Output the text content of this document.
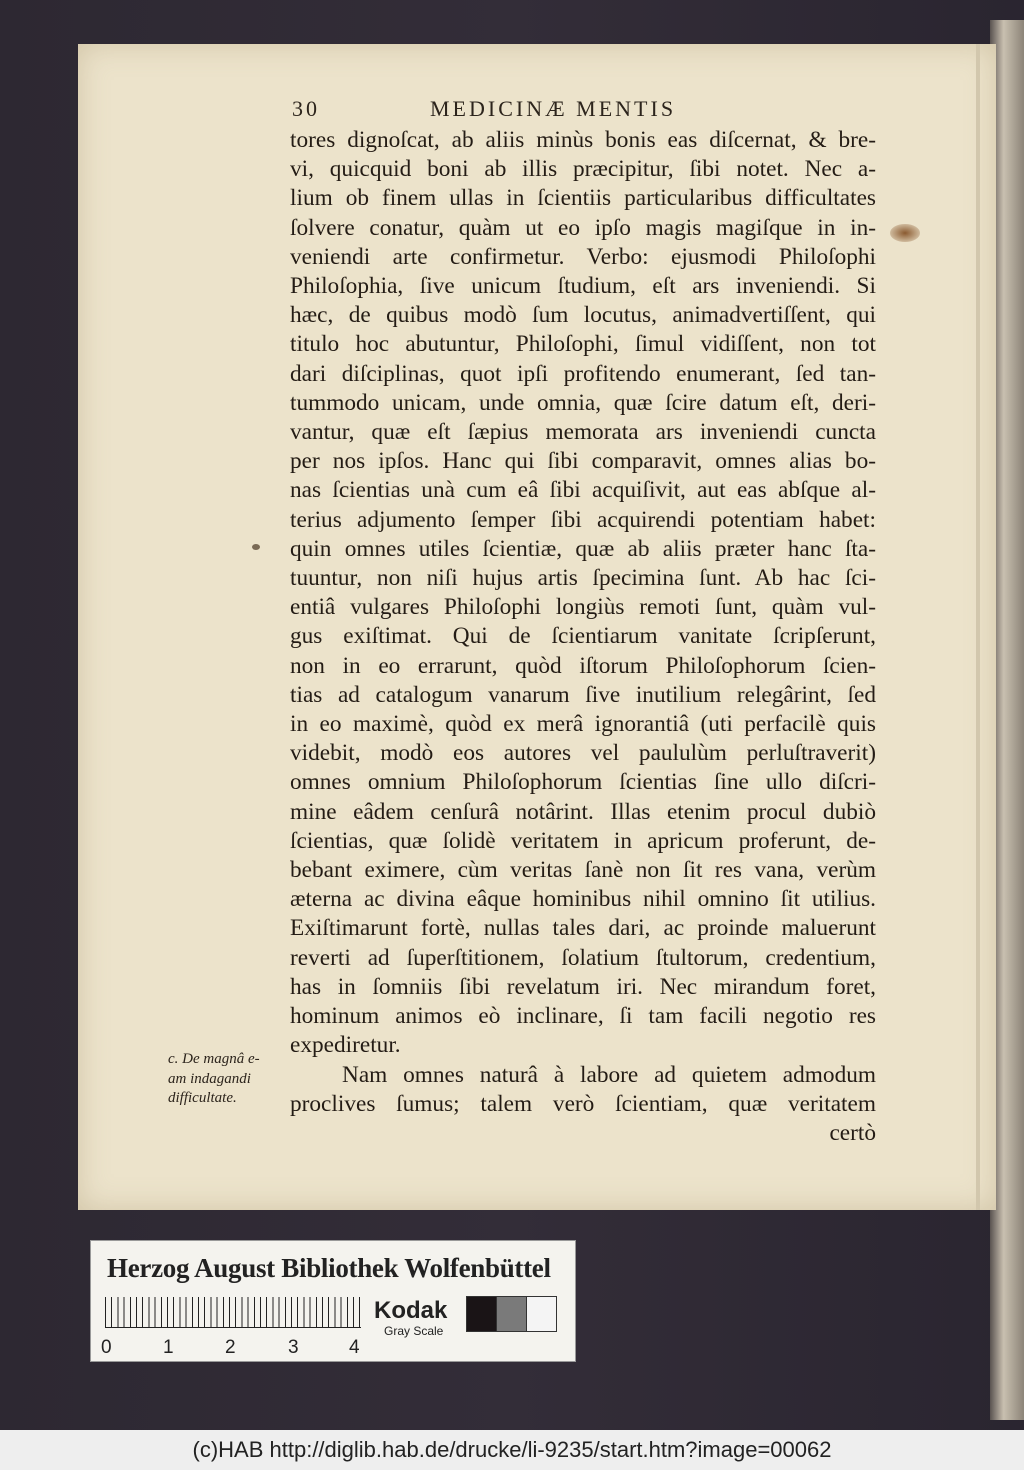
30	MEDICINÆ MENTIS
tores dignoſcat, ab aliis minùs bonis eas diſcernat, & bre-
vi, quicquid boni ab illis præcipitur, ſibi notet. Nec a-
lium ob finem ullas in ſcientiis particularibus difficultates
ſolvere conatur, quàm ut eo ipſo magis magiſque in in-
veniendi arte confirmetur. Verbo: ejusmodi Philoſophi
Philoſophia, ſive unicum ſtudium, eſt ars inveniendi. Si
hæc, de quibus modò ſum locutus, animadvertiſſent, qui
titulo hoc abutuntur, Philoſophi, ſimul vidiſſent, non tot
dari diſciplinas, quot ipſi profitendo enumerant, ſed tan-
tummodo unicam, unde omnia, quæ ſcire datum eſt, deri-
vantur, quæ eſt ſæpius memorata ars inveniendi cuncta
per nos ipſos. Hanc qui ſibi comparavit, omnes alias bo-
nas ſcientias unà cum eâ ſibi acquiſivit, aut eas abſque al-
terius adjumento ſemper ſibi acquirendi potentiam habet:
quin omnes utiles ſcientiæ, quæ ab aliis præter hanc ſta-
tuuntur, non niſi hujus artis ſpecimina ſunt. Ab hac ſci-
entiâ vulgares Philoſophi longiùs remoti ſunt, quàm vul-
gus exiſtimat. Qui de ſcientiarum vanitate ſcripſerunt,
non in eo errarunt, quòd iſtorum Philoſophorum ſcien-
tias ad catalogum vanarum ſive inutilium relegârint, ſed
in eo maximè, quòd ex merâ ignorantiâ (uti perfacilè quis
videbit, modò eos autores vel paululùm perluſtraverit)
omnes omnium Philoſophorum ſcientias ſine ullo diſcri-
mine eâdem cenſurâ notârint. Illas etenim procul dubiò
ſcientias, quæ ſolidè veritatem in apricum proferunt, de-
bebant eximere, cùm veritas ſanè non ſit res vana, verùm
æterna ac divina eâque hominibus nihil omnino ſit utilius.
Exiſtimarunt fortè, nullas tales dari, ac proinde maluerunt
reverti ad ſuperſtitionem, ſolatium ſtultorum, credentium,
has in ſomniis ſibi revelatum iri. Nec mirandum foret,
hominum animos eò inclinare, ſi tam facili negotio res
expediretur.
Nam omnes naturâ à labore ad quietem admodum
proclives ſumus; talem verò ſcientiam, quæ veritatem
certò
c. De magnâ e-
am indagandi
difficultate.
Herzog August Bibliothek Wolfenbüttel
0	1	2	3	4
Kodak
Gray Scale
(c)HAB http://diglib.hab.de/drucke/li-9235/start.htm?image=00062
